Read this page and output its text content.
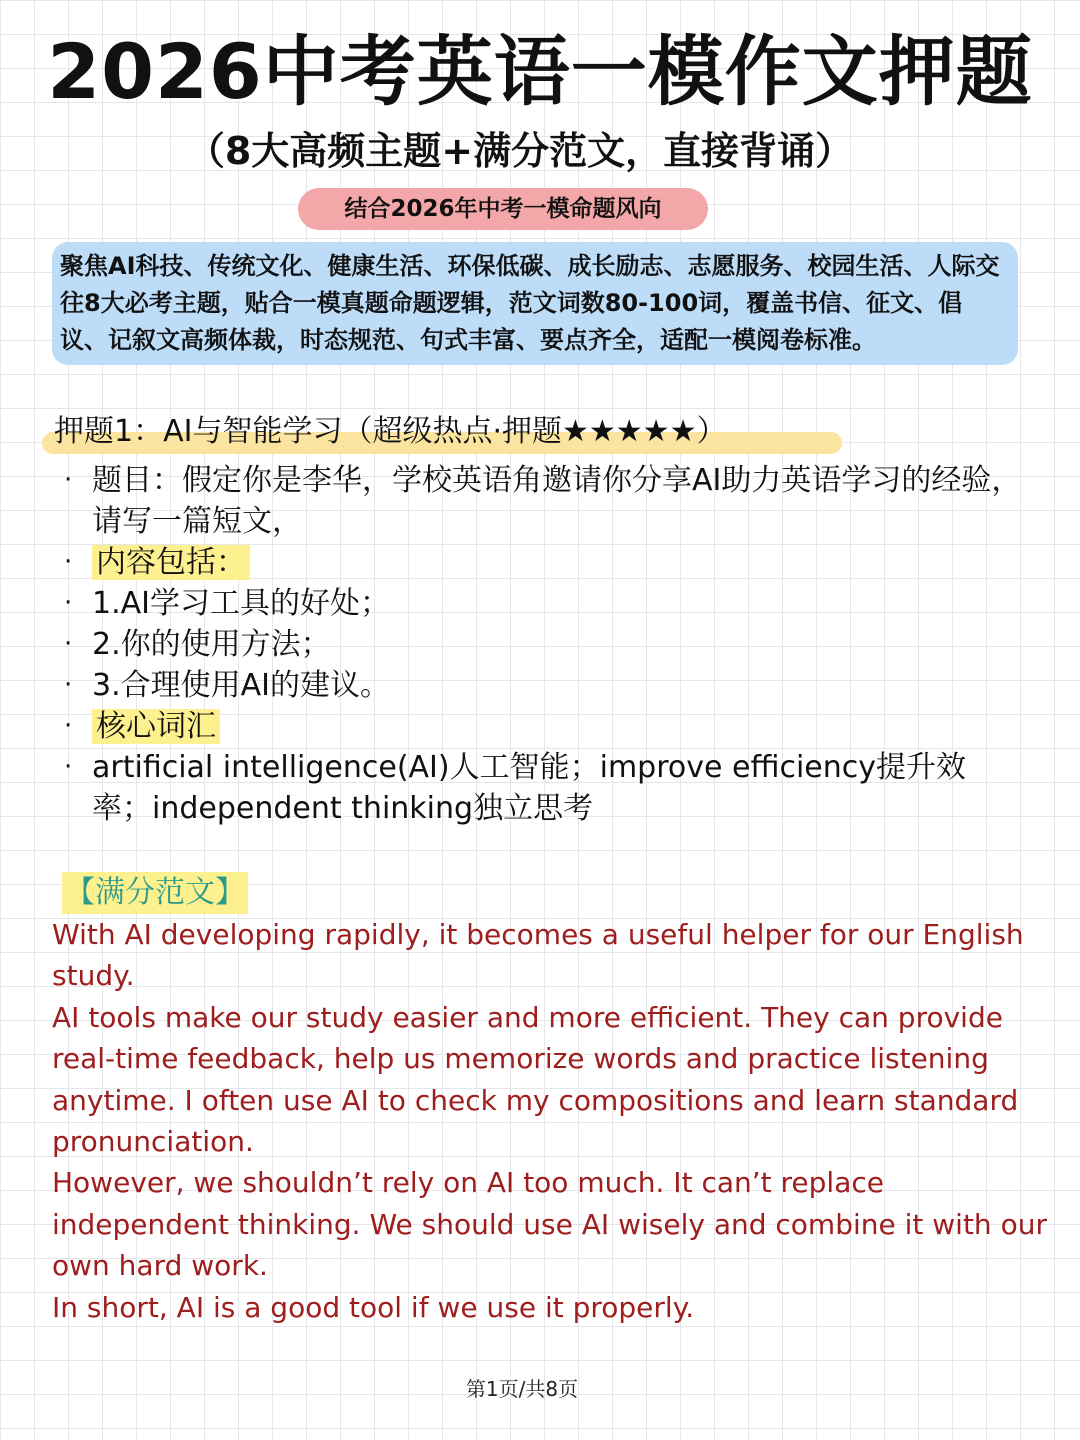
2026中考英语一模作文押题
（8大高频主题+满分范文，直接背诵）
结合2026年中考一模命题风向
聚焦AI科技、传统文化、健康生活、环保低碳、成长励志、志愿服务、校园生活、人际交往8大必考主题，贴合一模真题命题逻辑，范文词数80-100词，覆盖书信、征文、倡议、记叙文高频体裁，时态规范、句式丰富、要点齐全，适配一模阅卷标准。
押题1：AI与智能学习（超级热点·押题★★★★★）
· 题目：假定你是李华，学校英语角邀请你分享AI助力英语学习的经验，请写一篇短文，
· 内容包括：
· 1.AI学习工具的好处；
· 2.你的使用方法；
· 3.合理使用AI的建议。
· 核心词汇
· artificial intelligence(AI)人工智能；improve efficiency提升效率；independent thinking独立思考
【满分范文】

With AI developing rapidly, it becomes a useful helper for our English study.

AI tools make our study easier and more efficient. They can provide real-time feedback, help us memorize words and practice listening anytime. I often use AI to check my compositions and learn standard pronunciation.

However, we shouldn’t rely on AI too much. It can’t replace independent thinking. We should use AI wisely and combine it with our own hard work.

In short, AI is a good tool if we use it properly.

第1页/共8页
